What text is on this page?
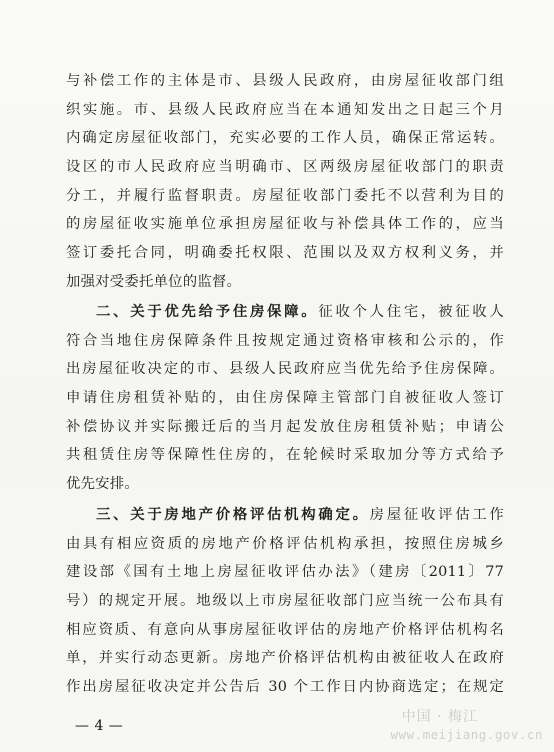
与补偿工作的主体是市、县级人民政府，由房屋征收部门组
织实施。市、县级人民政府应当在本通知发出之日起三个月
内确定房屋征收部门，充实必要的工作人员，确保正常运转。
设区的市人民政府应当明确市、区两级房屋征收部门的职责
分工，并履行监督职责。房屋征收部门委托不以营利为目的
的房屋征收实施单位承担房屋征收与补偿具体工作的，应当
签订委托合同，明确委托权限、范围以及双方权利义务，并
加强对受委托单位的监督。
二、关于优先给予住房保障。征收个人住宅，被征收人
符合当地住房保障条件且按规定通过资格审核和公示的，作
出房屋征收决定的市、县级人民政府应当优先给予住房保障。
申请住房租赁补贴的，由住房保障主管部门自被征收人签订
补偿协议并实际搬迁后的当月起发放住房租赁补贴；申请公
共租赁住房等保障性住房的，在轮候时采取加分等方式给予
优先安排。
三、关于房地产价格评估机构确定。房屋征收评估工作
由具有相应资质的房地产价格评估机构承担，按照住房城乡
建设部《国有土地上房屋征收评估办法》（建房〔2011〕77
号）的规定开展。地级以上市房屋征收部门应当统一公布具有
相应资质、有意向从事房屋征收评估的房地产价格评估机构名
单，并实行动态更新。房地产价格评估机构由被征收人在政府
作出房屋征收决定并公告后 30 个工作日内协商选定；在规定
— 4 —
中国 · 梅江
www.meijiang.gov.cn
